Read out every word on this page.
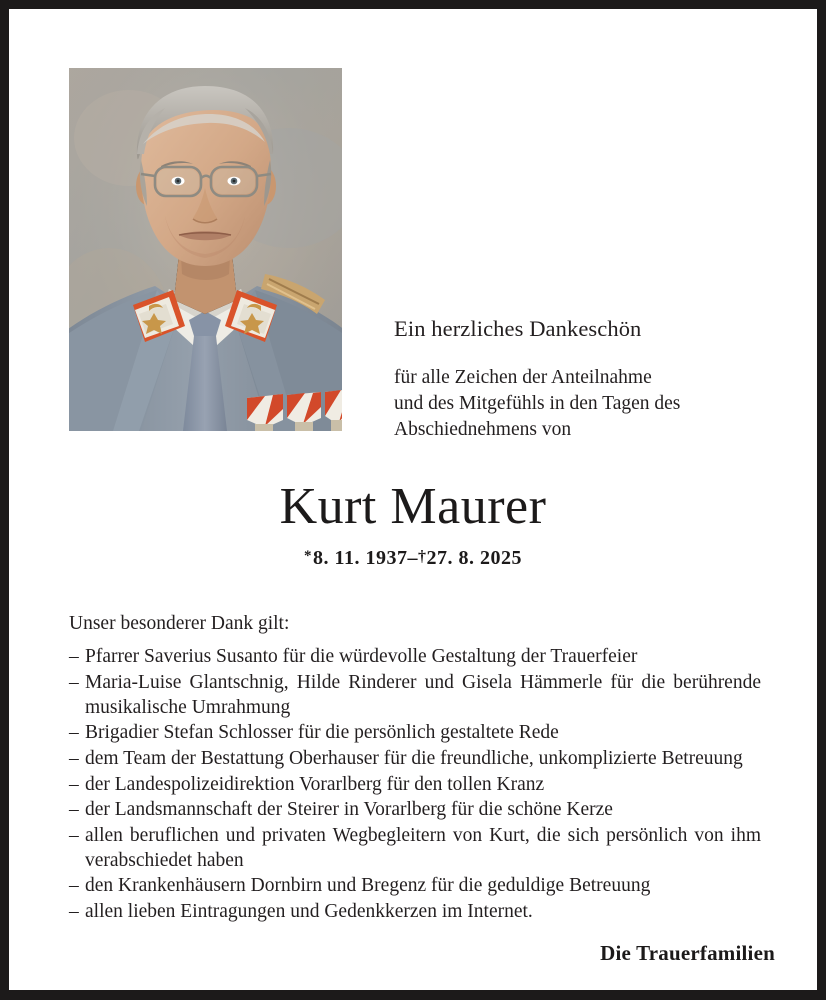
Ein herzliches Dankeschön
für alle Zeichen der Anteilnahme
und des Mitgefühls in den Tagen des
Abschiednehmens von
Kurt Maurer
*8. 11. 1937–†27. 8. 2025
Unser besonderer Dank gilt:
– Pfarrer Saverius Susanto für die würdevolle Gestaltung der Trauerfeier
– Maria-Luise Glantschnig, Hilde Rinderer und Gisela Hämmerle für die berührende musikalische Umrahmung
– Brigadier Stefan Schlosser für die persönlich gestaltete Rede
– dem Team der Bestattung Oberhauser für die freundliche, unkomplizierte Betreuung
– der Landespolizeidirektion Vorarlberg für den tollen Kranz
– der Landsmannschaft der Steirer in Vorarlberg für die schöne Kerze
– allen beruflichen und privaten Wegbegleitern von Kurt, die sich persönlich von ihm verabschiedet haben
– den Krankenhäusern Dornbirn und Bregenz für die geduldige Betreuung
– allen lieben Eintragungen und Gedenkkerzen im Internet.
Die Trauerfamilien
